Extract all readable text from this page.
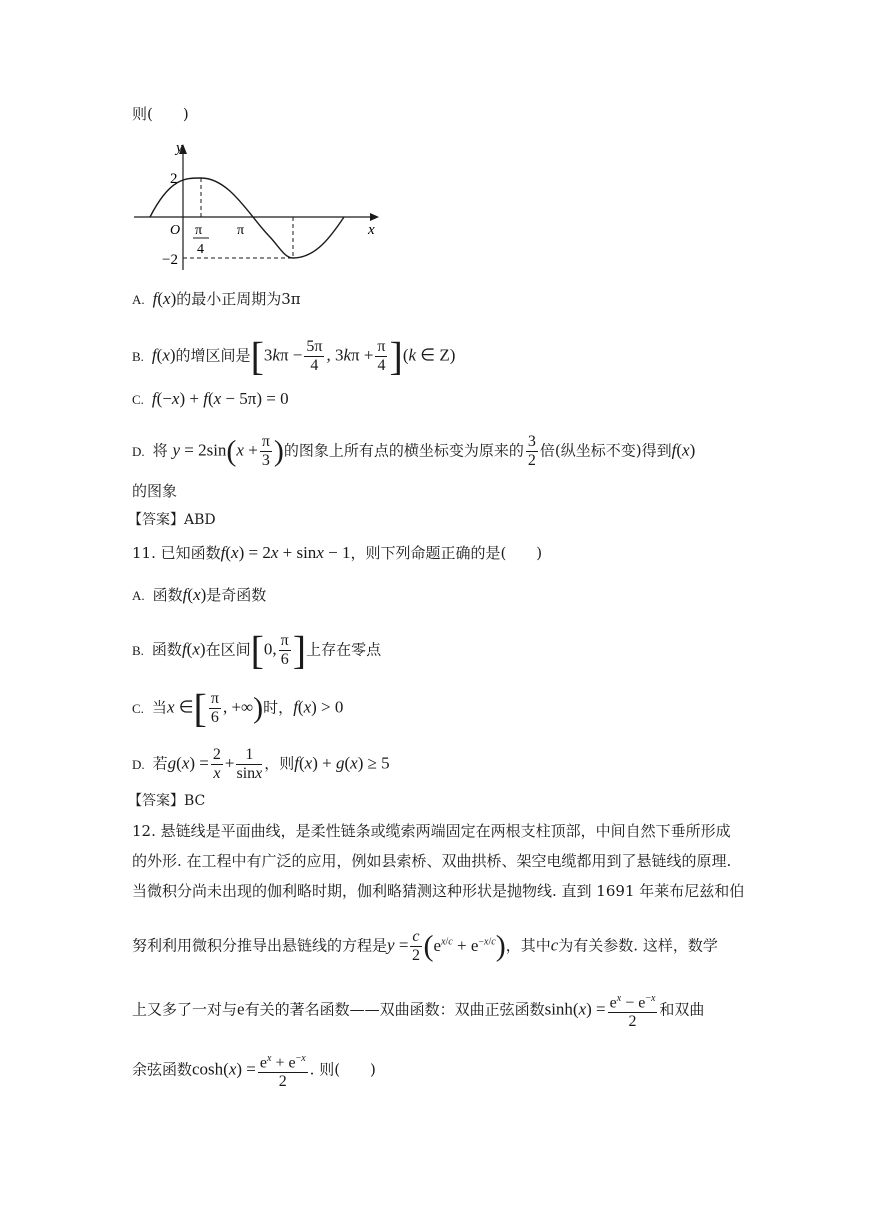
则(　　)
y
x
O
2
−2
π
4
π
A. f(x)的最小正周期为3π
B. f(x)的增区间是[$3k\pi - \frac{5\pi}{4}$ , $3k\pi + \frac{\pi}{4} ](k$ ∈ Z)
C. f(−x) + f(x − 5π) = 0
D. 将 $y = 2\sin(x + \frac{\pi}{3}$ )的图象上所有点的横坐标变为原来的 $\frac{3}{2}$ 倍(纵坐标不变)得到f(x)
的图象
【答案】ABD
11. 已知函数f(x) = 2x + sinx − 1，则下列命题正确的是(　　)
A. 函数f(x)是奇函数
B. 函数f(x)在区间[0, $\frac{\pi}{6}$ ]上存在零点
C. 当x ∈[ $\frac{\pi}{6}$ , +∞)时，f(x) > 0
D. 若$g(x) = \frac{2}{x} + \frac{1}{\sin x}$ ，则f(x) + g(x) ≥ 5
【答案】BC
12. 悬链线是平面曲线，是柔性链条或缆索两端固定在两根支柱顶部，中间自然下垂所形成
的外形. 在工程中有广泛的应用，例如县索桥、双曲拱桥、架空电缆都用到了悬链线的原理.
当微积分尚未出现的伽利略时期，伽利略猜测这种形状是抛物线. 直到 1691 年莱布尼兹和伯
努利利用微积分推导出悬链线的方程是$y = \frac{c}{2} (e^{x/c} + e^{-x/c})$，其中c为有关参数. 这样，数学
上又多了一对与e有关的著名函数——双曲函数：双曲正弦函数$\sinh(x) = \frac{e^x - e^{-x}}{2}$ 和双曲
余弦函数$\cosh(x) = \frac{e^x + e^{-x}}{2}$ . 则(　　)
